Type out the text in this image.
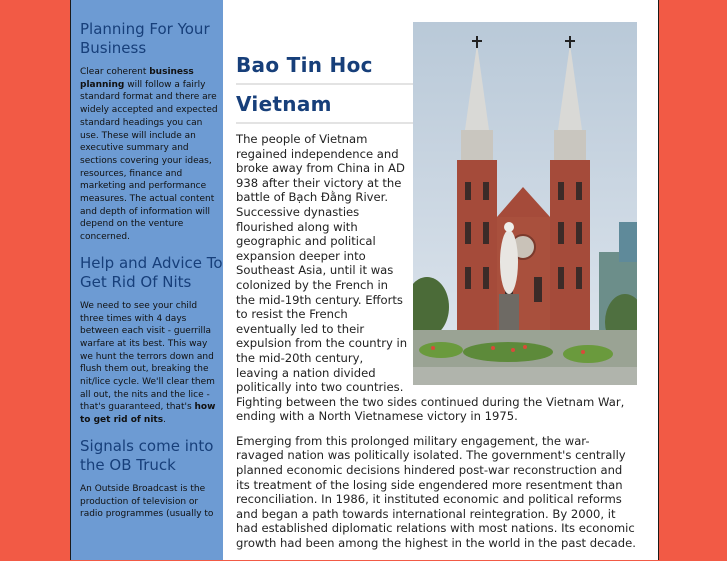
Planning For Your Business

Clear coherent business planning will follow a fairly standard format and there are widely accepted and expected standard headings you can use. These will include an executive summary and sections covering your ideas, resources, finance and marketing and performance measures. The actual content and depth of information will depend on the venture concerned.

Help and Advice To Get Rid Of Nits

We need to see your child three times with 4 days between each visit - guerrilla warfare at its best. This way we hunt the terrors down and flush them out, breaking the nit/lice cycle. We'll clear them all out, the nits and the lice - that's guaranteed, that's how to get rid of nits.

Signals come into the OB Truck

An Outside Broadcast is the production of television or radio programmes (usually to

Bao Tin Hoc
Vietnam

The people of Vietnam regained independence and broke away from China in AD 938 after their victory at the battle of Bạch Đằng River. Successive dynasties flourished along with geographic and political expansion deeper into Southeast Asia, until it was colonized by the French in the mid-19th century. Efforts to resist the French eventually led to their expulsion from the country in the mid-20th century, leaving a nation divided politically into two countries. Fighting between the two sides continued during the Vietnam War, ending with a North Vietnamese victory in 1975.

Emerging from this prolonged military engagement, the war-ravaged nation was politically isolated. The government's centrally planned economic decisions hindered post-war reconstruction and its treatment of the losing side engendered more resentment than reconciliation. In 1986, it instituted economic and political reforms and began a path towards international reintegration. By 2000, it had established diplomatic relations with most nations. Its economic growth had been among the highest in the world in the past decade.
